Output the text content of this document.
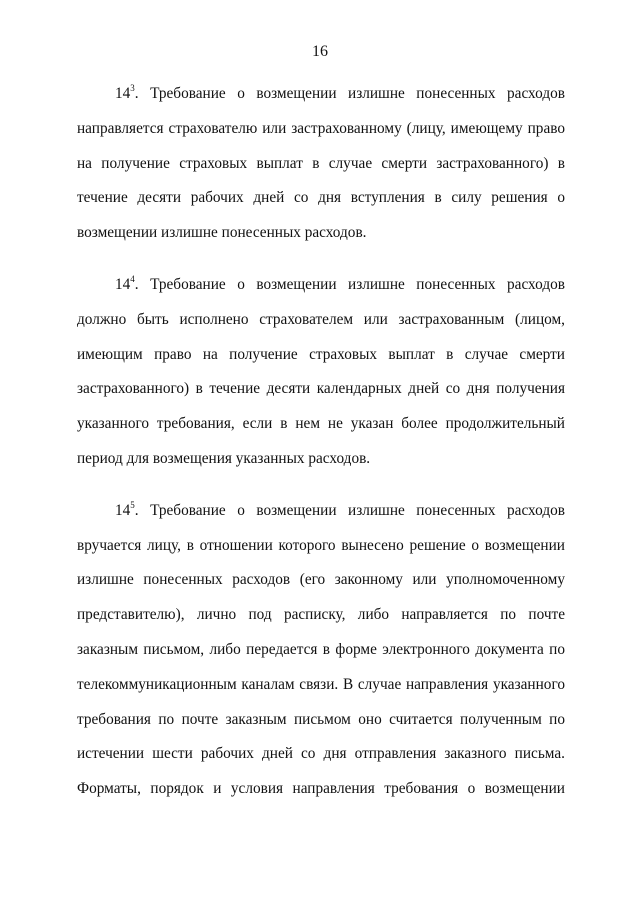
16

$14^3$. Требование о возмещении излишне понесенных расходов
направляется страхователю или застрахованному (лицу, имеющему право
на получение страховых выплат в случае смерти застрахованного) в
течение десяти рабочих дней со дня вступления в силу решения о
возмещении излишне понесенных расходов.

$14^4$. Требование о возмещении излишне понесенных расходов
должно быть исполнено страхователем или застрахованным (лицом,
имеющим право на получение страховых выплат в случае смерти
застрахованного) в течение десяти календарных дней со дня получения
указанного требования, если в нем не указан более продолжительный
период для возмещения указанных расходов.

$14^5$. Требование о возмещении излишне понесенных расходов
вручается лицу, в отношении которого вынесено решение о возмещении
излишне понесенных расходов (его законному или уполномоченному
представителю), лично под расписку, либо направляется по почте
заказным письмом, либо передается в форме электронного документа по
телекоммуникационным каналам связи. В случае направления указанного
требования по почте заказным письмом оно считается полученным по
истечении шести рабочих дней со дня отправления заказного письма.
Форматы, порядок и условия направления требования о возмещении
